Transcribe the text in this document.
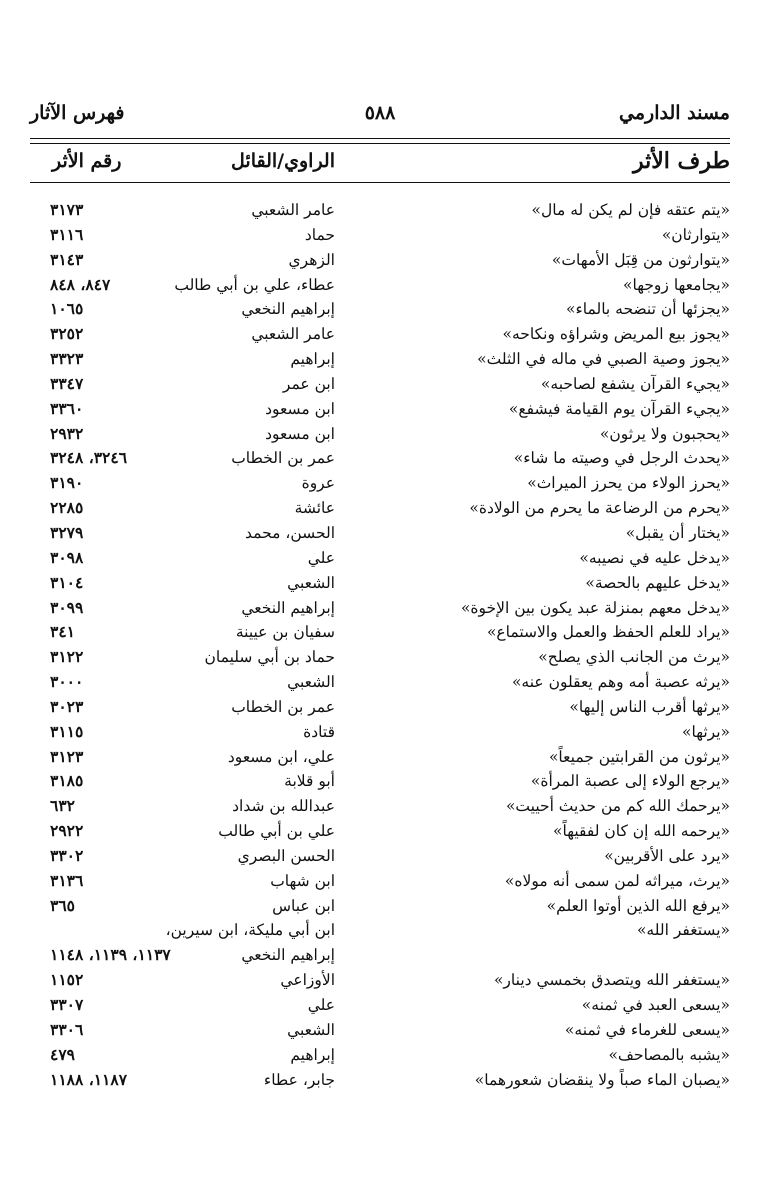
مسند الدارمي
٥٨٨
فهرس الآثار
طرف الأثر
الراوي/القائل
رقم الأثر
«يتم عتقه فإن لم يكن له مال»
عامر الشعبي
٣١٧٣
«يتوارثان»
حماد
٣١١٦
«يتوارثون من قِبَل الأمهات»
الزهري
٣١٤٣
«يجامعها زوجها»
عطاء، علي بن أبي طالب
٨٤٧، ٨٤٨
«يجزئها أن تنضحه بالماء»
إبراهيم النخعي
١٠٦٥
«يجوز بيع المريض وشراؤه ونكاحه»
عامر الشعبي
٣٢٥٢
«يجوز وصية الصبي في ماله في الثلث»
إبراهيم
٣٣٢٣
«يجيء القرآن يشفع لصاحبه»
ابن عمر
٣٣٤٧
«يجيء القرآن يوم القيامة فيشفع»
ابن مسعود
٣٣٦٠
«يحجبون ولا يرثون»
ابن مسعود
٢٩٣٢
«يحدث الرجل في وصيته ما شاء»
عمر بن الخطاب
٣٢٤٦، ٣٢٤٨
«يحرز الولاء من يحرز الميراث»
عروة
٣١٩٠
«يحرم من الرضاعة ما يحرم من الولادة»
عائشة
٢٢٨٥
«يختار أن يقبل»
الحسن، محمد
٣٢٧٩
«يدخل عليه في نصيبه»
علي
٣٠٩٨
«يدخل عليهم بالحصة»
الشعبي
٣١٠٤
«يدخل معهم بمنزلة عبد يكون بين الإخوة»
إبراهيم النخعي
٣٠٩٩
«يراد للعلم الحفظ والعمل والاستماع»
سفيان بن عيينة
٣٤١
«يرث من الجانب الذي يصلح»
حماد بن أبي سليمان
٣١٢٢
«يرثه عصبة أمه وهم يعقلون عنه»
الشعبي
٣٠٠٠
«يرثها أقرب الناس إليها»
عمر بن الخطاب
٣٠٢٣
«يرثها»
قتادة
٣١١٥
«يرثون من القرابتين جميعاً»
علي، ابن مسعود
٣١٢٣
«يرجع الولاء إلى عصبة المرأة»
أبو قلابة
٣١٨٥
«يرحمك الله كم من حديث أحييت»
عبدالله بن شداد
٦٣٢
«يرحمه الله إن كان لفقيهاً»
علي بن أبي طالب
٢٩٢٢
«يرد على الأقربين»
الحسن البصري
٣٣٠٢
«يرث، ميراثه لمن سمى أنه مولاه»
ابن شهاب
٣١٣٦
«يرفع الله الذين أوتوا العلم»
ابن عباس
٣٦٥
«يستغفر الله»
ابن أبي مليكة، ابن سيرين،
إبراهيم النخعي
١١٣٧، ١١٣٩، ١١٤٨
«يستغفر الله ويتصدق بخمسي دينار»
الأوزاعي
١١٥٢
«يسعى العبد في ثمنه»
علي
٣٣٠٧
«يسعى للغرماء في ثمنه»
الشعبي
٣٣٠٦
«يشبه بالمصاحف»
إبراهيم
٤٧٩
«يصبان الماء صباً ولا ينقضان شعورهما»
جابر، عطاء
١١٨٧، ١١٨٨
